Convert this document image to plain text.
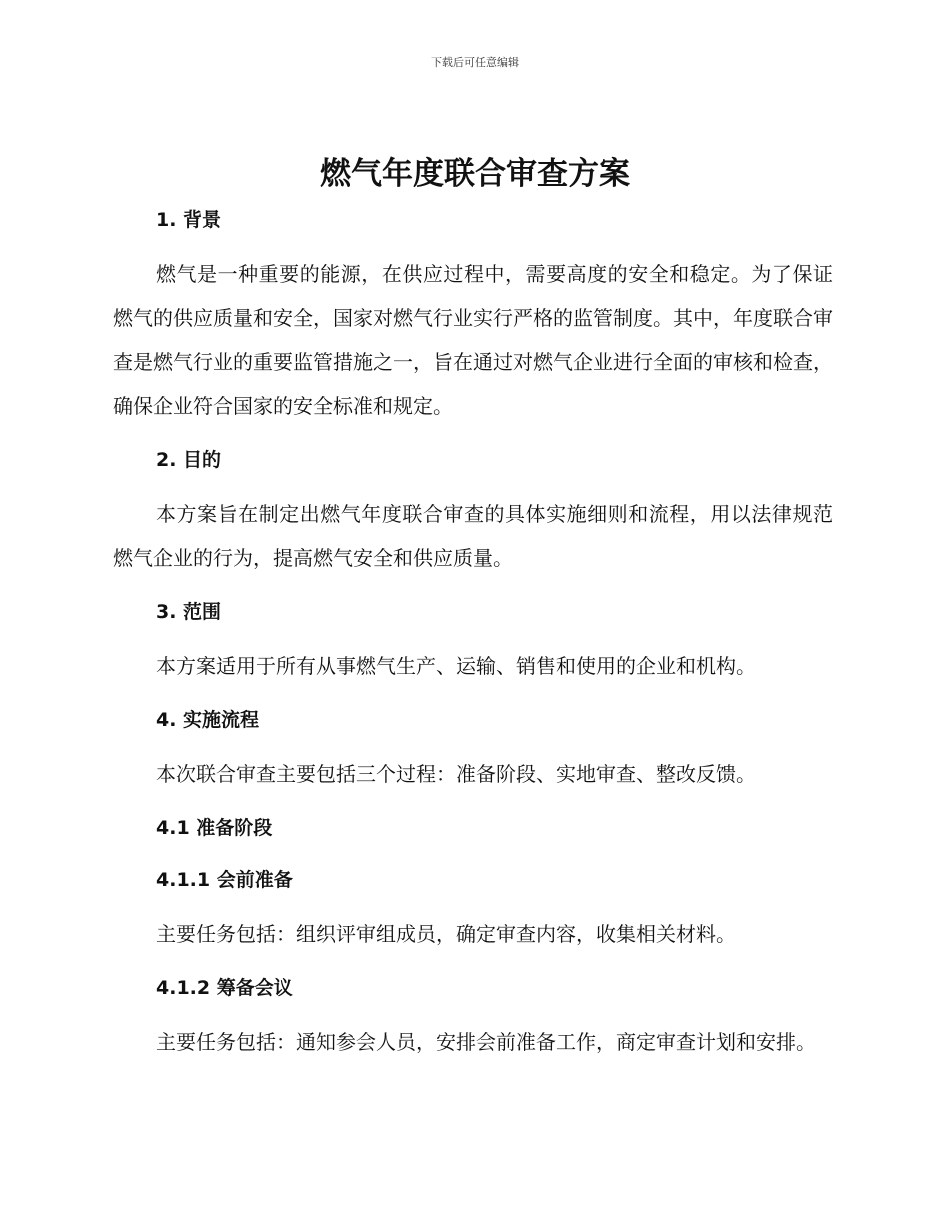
下载后可任意编辑
燃气年度联合审查方案
1. 背景

燃气是一种重要的能源，在供应过程中，需要高度的安全和稳定。为了保证燃气的供应质量和安全，国家对燃气行业实行严格的监管制度。其中，年度联合审查是燃气行业的重要监管措施之一，旨在通过对燃气企业进行全面的审核和检查，确保企业符合国家的安全标准和规定。

2. 目的

本方案旨在制定出燃气年度联合审查的具体实施细则和流程，用以法律规范燃气企业的行为，提高燃气安全和供应质量。

3. 范围

本方案适用于所有从事燃气生产、运输、销售和使用的企业和机构。

4. 实施流程

本次联合审查主要包括三个过程：准备阶段、实地审查、整改反馈。

4.1 准备阶段
4.1.1 会前准备

主要任务包括：组织评审组成员，确定审查内容，收集相关材料。

4.1.2 筹备会议

主要任务包括：通知参会人员，安排会前准备工作，商定审查计划和安排。
